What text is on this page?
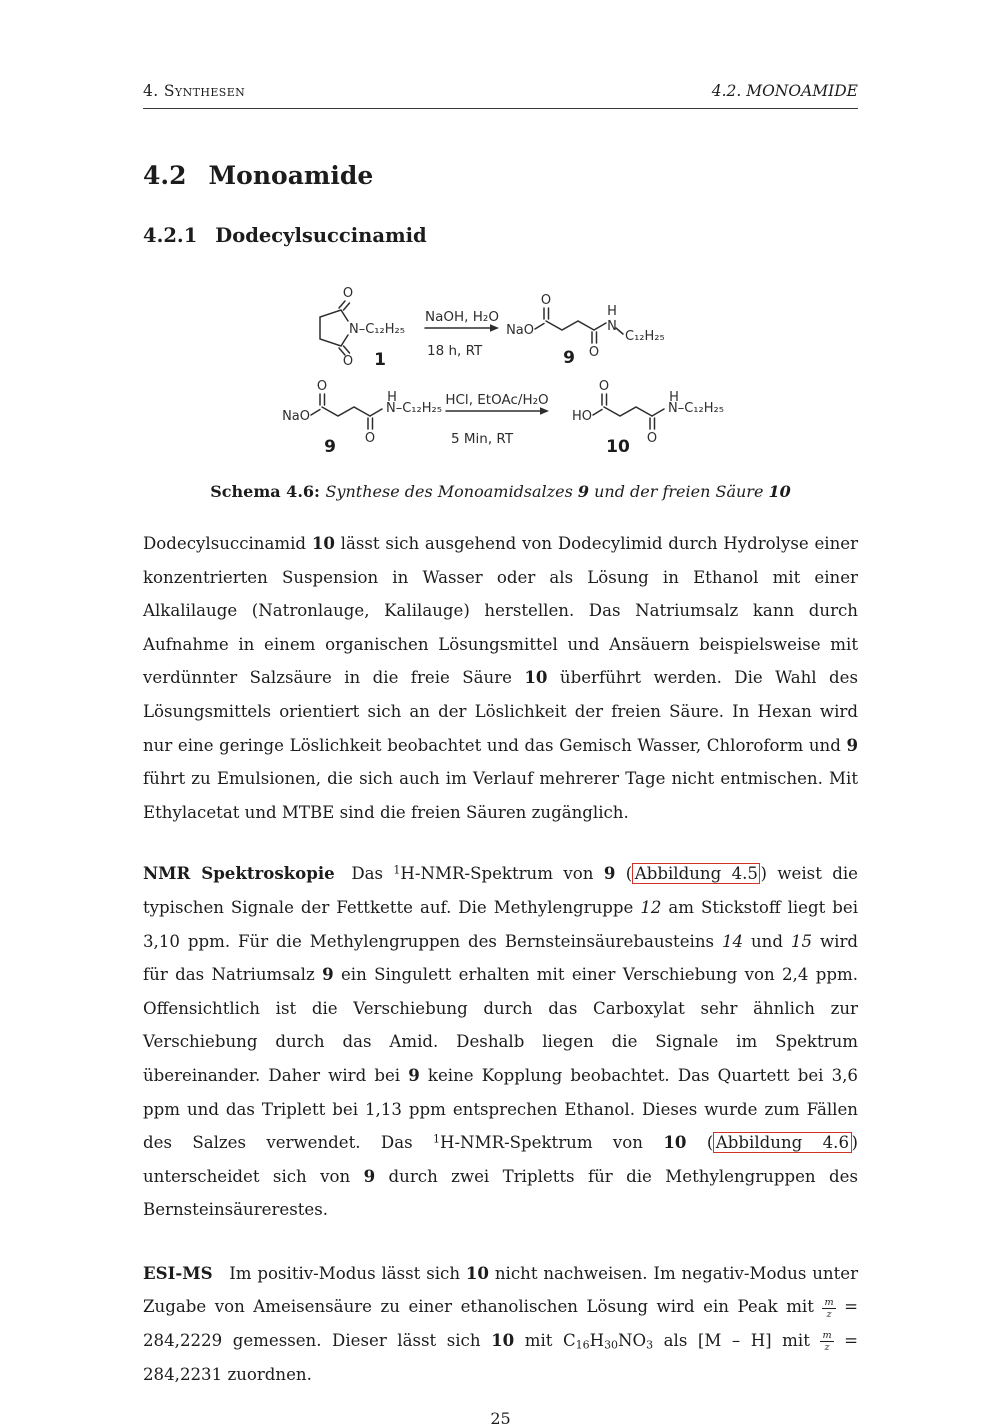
4. Synthesen	4.2. MONOAMIDE
4.2 Monoamide
4.2.1 Dodecylsuccinamid
O
O
N–C₁₂H₂₅
1
NaOH, H₂O
18 h, RT
NaO
O
O
N
H
C₁₂H₂₅
9
NaO
O
O
N–C₁₂H₂₅
H
9
HCl, EtOAc/H₂O
5 Min, RT
HO
O
O
N–C₁₂H₂₅
H
10
Schema 4.6: Synthese des Monoamidsalzes 9 und der freien Säure 10

Dodecylsuccinamid 10 lässt sich ausgehend von Dodecylimid durch Hydrolyse einer konzentrierten Suspension in Wasser oder als Lösung in Ethanol mit einer Alkalilauge (Natronlauge, Kalilauge) herstellen. Das Natriumsalz kann durch Aufnahme in einem organischen Lösungsmittel und Ansäuern beispielsweise mit verdünnter Salzsäure in die freie Säure 10 überführt werden. Die Wahl des Lösungsmittels orientiert sich an der Löslichkeit der freien Säure. In Hexan wird nur eine geringe Löslichkeit beobachtet und das Gemisch Wasser, Chloroform und 9 führt zu Emulsionen, die sich auch im Verlauf mehrerer Tage nicht entmischen. Mit Ethylacetat und MTBE sind die freien Säuren zugänglich.

NMR Spektroskopie Das $^1$H-NMR-Spektrum von 9 ( Abbildung 4.5 ) weist die typischen Signale der Fettkette auf. Die Methylengruppe 12 am Stickstoff liegt bei 3,10 ppm. Für die Methylengruppen des Bernsteinsäurebausteins 14 und 15 wird für das Natriumsalz 9 ein Singulett erhalten mit einer Verschiebung von 2,4 ppm. Offensichtlich ist die Verschiebung durch das Carboxylat sehr ähnlich zur Verschiebung durch das Amid. Deshalb liegen die Signale im Spektrum übereinander. Daher wird bei 9 keine Kopplung beobachtet. Das Quartett bei 3,6 ppm und das Triplett bei 1,13 ppm entsprechen Ethanol. Dieses wurde zum Fällen des Salzes verwendet. Das $^1$H-NMR-Spektrum von 10 ( Abbildung 4.6 ) unterscheidet sich von 9 durch zwei Tripletts für die Methylengruppen des Bernsteinsäurerestes.

ESI-MS Im positiv-Modus lässt sich 10 nicht nachweisen. Im negativ-Modus unter Zugabe von Ameisensäure zu einer ethanolischen Lösung wird ein Peak mit $\frac{m}{z} = 284,2229$ gemessen. Dieser lässt sich 10 mit $C_{16}H_{30}NO_3$ als [M – H] mit $\frac{m}{z} = 284,2231$ zuordnen.

25
